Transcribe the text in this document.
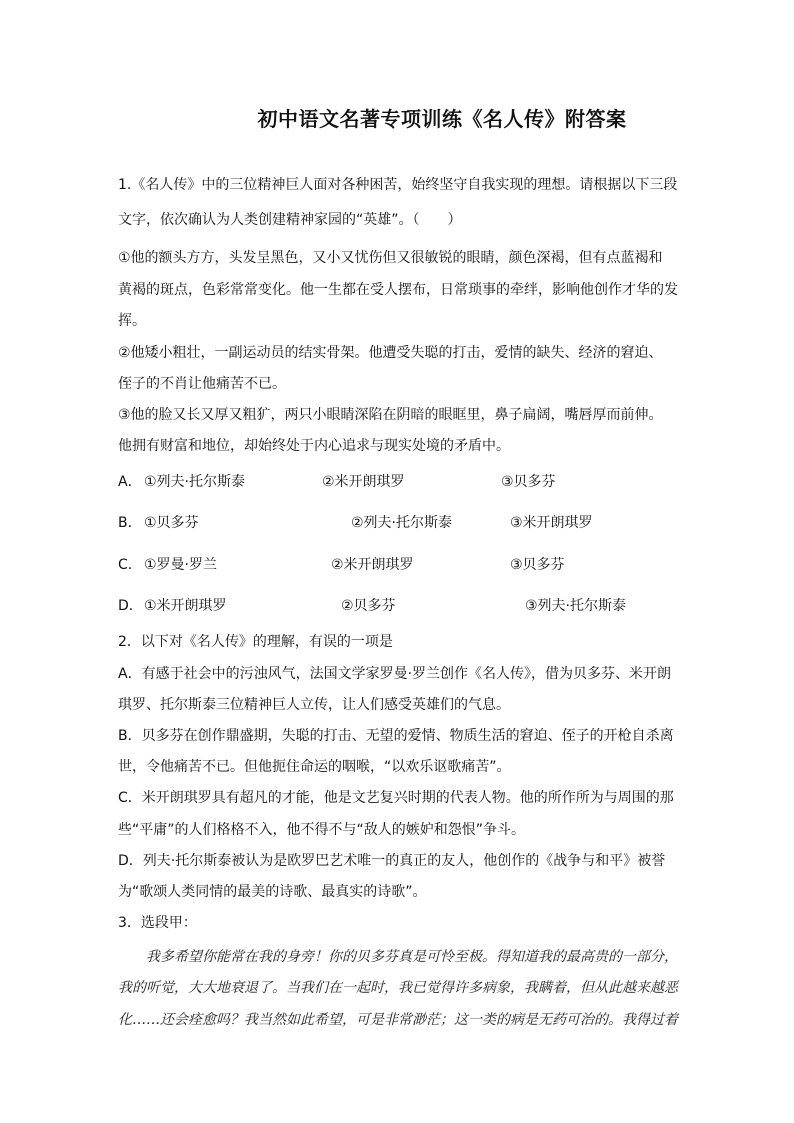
初中语文名著专项训练《名人传》附答案
1.《名人传》中的三位精神巨人面对各种困苦，始终坚守自我实现的理想。请根据以下三段
文字，依次确认为人类创建精神家园的“英雄”。（　　）
①他的额头方方，头发呈黑色，又小又忧伤但又很敏锐的眼睛，颜色深褐，但有点蓝褐和
黄褐的斑点，色彩常常变化。他一生都在受人摆布，日常琐事的牵绊，影响他创作才华的发
挥。
②他矮小粗壮，一副运动员的结实骨架。他遭受失聪的打击，爱情的缺失、经济的窘迫、
侄子的不肖让他痛苦不已。
③他的脸又长又厚又粗犷，两只小眼睛深陷在阴暗的眼眶里，鼻子扁阔，嘴唇厚而前伸。
他拥有财富和地位，却始终处于内心追求与现实处境的矛盾中。
A． ①列夫·托尔斯泰	②米开朗琪罗	③贝多芬
B． ①贝多芬	②列夫·托尔斯泰	③米开朗琪罗
C． ①罗曼·罗兰	②米开朗琪罗	③贝多芬
D． ①米开朗琪罗	②贝多芬	③列夫·托尔斯泰
2．以下对《名人传》的理解，有误的一项是
A．有感于社会中的污浊风气，法国文学家罗曼·罗兰创作《名人传》，借为贝多芬、米开朗
琪罗、托尔斯泰三位精神巨人立传，让人们感受英雄们的气息。
B．贝多芬在创作鼎盛期，失聪的打击、无望的爱情、物质生活的窘迫、侄子的开枪自杀离
世，令他痛苦不已。但他扼住命运的咽喉，“以欢乐讴歌痛苦”。
C．米开朗琪罗具有超凡的才能，他是文艺复兴时期的代表人物。他的所作所为与周围的那
些“平庸”的人们格格不入，他不得不与“敌人的嫉妒和怨恨”争斗。
D．列夫·托尔斯泰被认为是欧罗巴艺术唯一的真正的友人，他创作的《战争与和平》被誉
为“歌颂人类同情的最美的诗歌、最真实的诗歌”。
3．选段甲：
我多希望你能常在我的身旁！你的贝多芬真是可怜至极。得知道我的最高贵的一部分，
我的听觉，大大地衰退了。当我们在一起时，我已觉得许多病象，我瞒着，但从此越来越恶
化……还会痊愈吗？我当然如此希望，可是非常渺茫；这一类的病是无药可治的。我得过着
